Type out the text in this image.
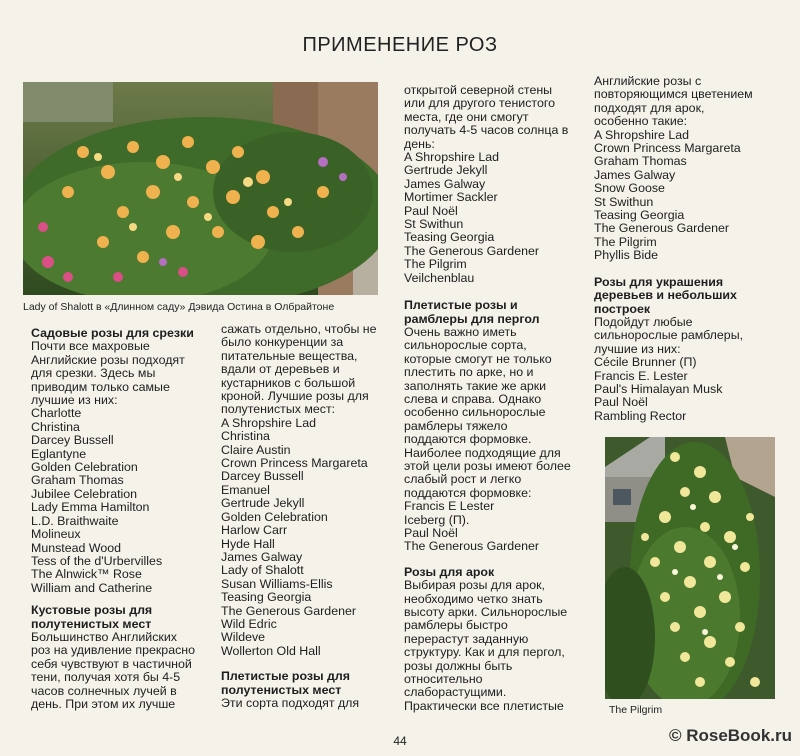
ПРИМЕНЕНИЕ РОЗ
Lady of Shalott в «Длинном саду» Дэвида Остина в Олбрайтоне
Садовые розы для срезки
Почти все махровые
Английские розы подходят
для срезки. Здесь мы
приводим только самые
лучшие из них:
Charlotte
Christina
Darcey Bussell
Eglantyne
Golden Celebration
Graham Thomas
Jubilee Celebration
Lady Emma Hamilton
L.D. Braithwaite
Molineux
Munstead Wood
Tess of the d'Urbervilles
The Alnwick™ Rose
William and Catherine
Кустовые розы для
полутенистых мест
Большинство Английских
роз на удивление прекрасно
себя чувствуют в частичной
тени, получая хотя бы 4-5
часов солнечных лучей в
день. При этом их лучше
сажать отдельно, чтобы не
было конкуренции за
питательные вещества,
вдали от деревьев и
кустарников с большой
кроной. Лучшие розы для
полутенистых мест:
A Shropshire Lad
Christina
Claire Austin
Crown Princess Margareta
Darcey Bussell
Emanuel
Gertrude Jekyll
Golden Celebration
Harlow Carr
Hyde Hall
James Galway
Lady of Shalott
Susan Williams-Ellis
Teasing Georgia
The Generous Gardener
Wild Edric
Wildeve
Wollerton Old Hall
Плетистые розы для
полутенистых мест
Эти сорта подходят для
открытой северной стены
или для другого тенистого
места, где они смогут
получать 4-5 часов солнца в
день:
A Shropshire Lad
Gertrude Jekyll
James Galway
Mortimer Sackler
Paul Noël
St Swithun
Teasing Georgia
The Generous Gardener
The Pilgrim
Veilchenblau
Плетистые розы и
рамблеры для пергол
Очень важно иметь
сильнорослые сорта,
которые смогут не только
плестить по арке, но и
заполнять такие же арки
слева и справа. Однако
особенно сильнорослые
рамблеры тяжело
поддаются формовке.
Наиболее подходящие для
этой цели розы имеют более
слабый рост и легко
поддаются формовке:
Francis E Lester
Iceberg (П).
Paul Noël
The Generous Gardener
Розы для арок
Выбирая розы для арок,
необходимо четко знать
высоту арки. Сильнорослые
рамблеры быстро
перерастут заданную
структуру. Как и для пергол,
розы должны быть
относительно
слаборастущими.
Практически все плетистые
Английские розы с
повторяющимся цветением
подходят для арок,
особенно такие:
A Shropshire Lad
Crown Princess Margareta
Graham Thomas
James Galway
Snow Goose
St Swithun
Teasing Georgia
The Generous Gardener
The Pilgrim
Phyllis Bide
Розы для украшения
деревьев и небольших
построек
Подойдут любые
сильнорослые рамблеры,
лучшие из них:
Cécile Brunner (П)
Francis E. Lester
Paul's Himalayan Musk
Paul Noël
Rambling Rector
The Pilgrim
44	© RoseBook.ru
